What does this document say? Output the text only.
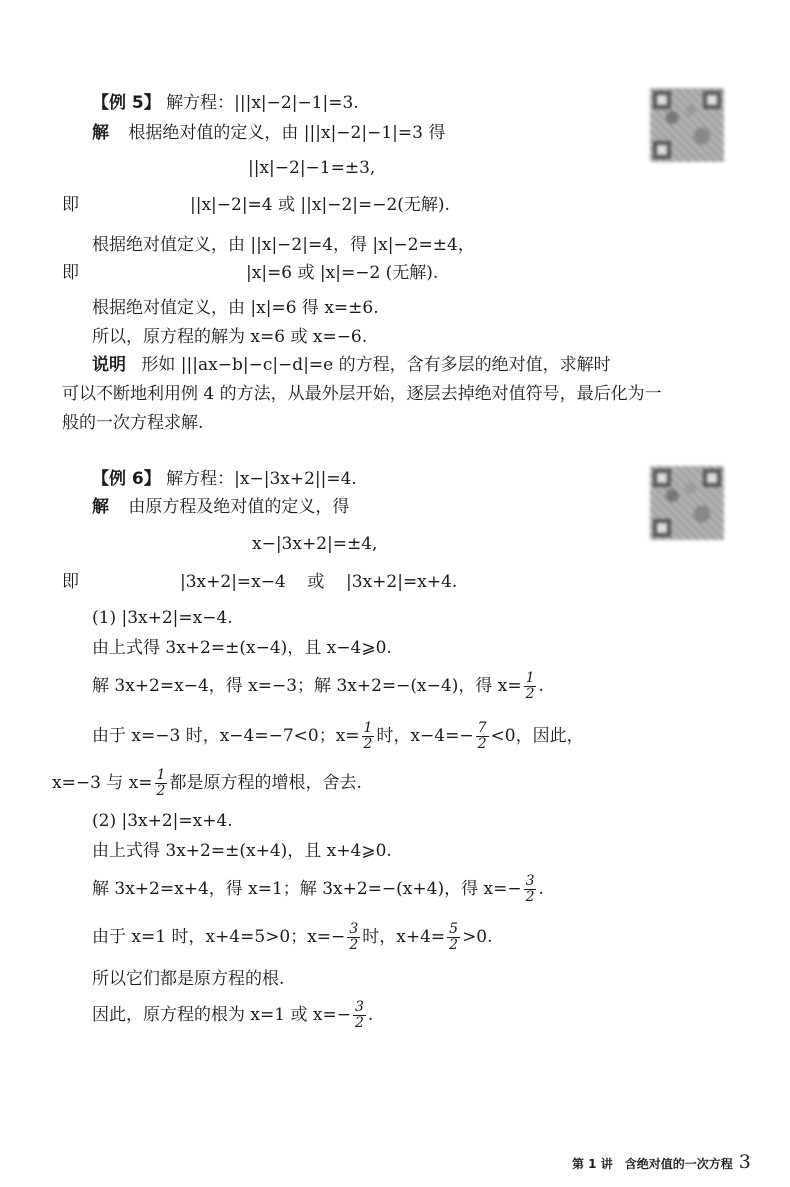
【例 5】 解方程：|||x|−2|−1|=3.
解 根据绝对值的定义，由 |||x|−2|−1|=3 得
||x|−2|−1=±3,
即	||x|−2|=4 或 ||x|−2|=−2(无解).
根据绝对值定义，由 ||x|−2|=4，得 |x|−2=±4，
即	|x|=6 或 |x|=−2 (无解).
根据绝对值定义，由 |x|=6 得 x=±6.
所以，原方程的解为 x=6 或 x=−6.
说明 形如 |||ax−b|−c|−d|=e 的方程，含有多层的绝对值，求解时
可以不断地利用例 4 的方法，从最外层开始，逐层去掉绝对值符号，最后化为一
般的一次方程求解.
【例 6】 解方程：|x−|3x+2||=4.
解 由原方程及绝对值的定义，得
x−|3x+2|=±4,
即	|3x+2|=x−4    或    |3x+2|=x+4.
(1) |3x+2|=x−4.
由上式得 3x+2=±(x−4)，且 x−4⩾0.
解 3x+2=x−4，得 x=−3；解 3x+2=−(x−4)，得 $x= \frac{1}{2}$ .
由于 x=−3 时，x−4=−7<0；$x= \frac{1}{2}$ 时，$x-4=- \frac{7}{2} <0$，因此，
x=−3 与 $x= \frac{1}{2}$ 都是原方程的增根，舍去.
(2) |3x+2|=x+4.
由上式得 3x+2=±(x+4)，且 x+4⩾0.
解 3x+2=x+4，得 x=1；解 3x+2=−(x+4)，得 $x=- \frac{3}{2}$ .
由于 x=1 时，x+4=5>0；$x=- \frac{3}{2}$ 时，$x+4= \frac{5}{2} >0$.
所以它们都是原方程的根.
因此，原方程的根为 x=1 或 $x=- \frac{3}{2}$ .
第 1 讲　含绝对值的一次方程 3
